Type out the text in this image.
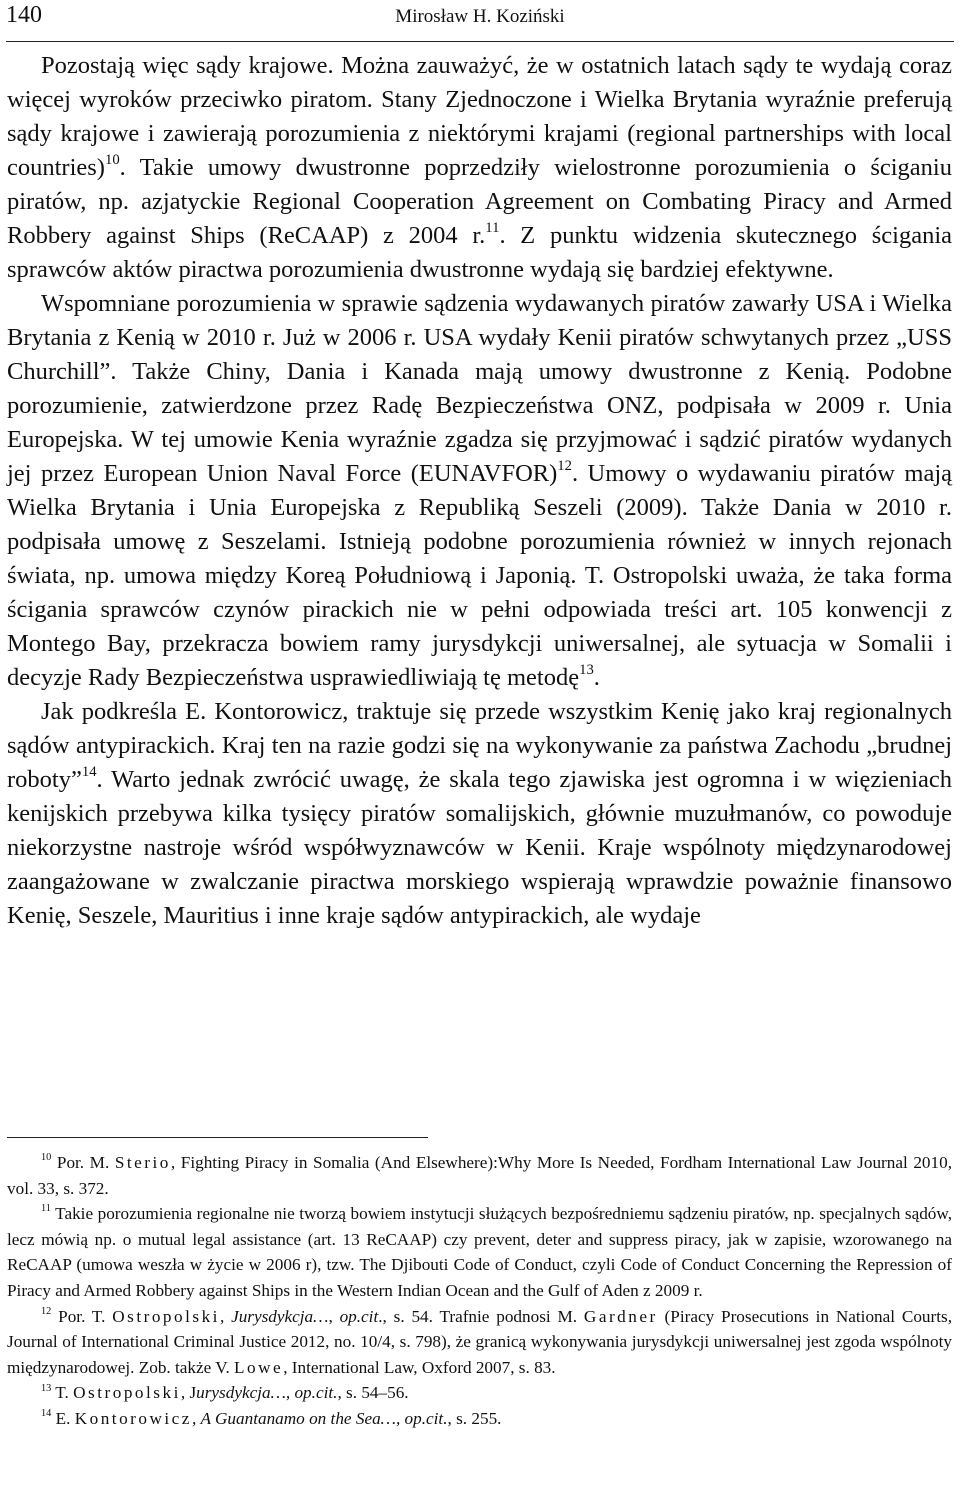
140	Mirosław H. Koziński

Pozostają więc sądy krajowe. Można zauważyć, że w ostatnich latach sądy te wydają coraz więcej wyroków przeciwko piratom. Stany Zjednoczone i Wielka Brytania wyraźnie preferują sądy krajowe i zawierają porozumienia z niektórymi krajami (regional partnerships with local countries)$^{10}$. Takie umowy dwustronne poprzedziły wielostronne porozumienia o ściganiu piratów, np. azjatyckie Regional Cooperation Agreement on Combating Piracy and Armed Robbery against Ships (ReCAAP) z 2004 r.$^{11}$. Z punktu widzenia skutecznego ścigania sprawców aktów piractwa porozumienia dwustronne wydają się bardziej efektywne.

Wspomniane porozumienia w sprawie sądzenia wydawanych piratów zawarły USA i Wielka Brytania z Kenią w 2010 r. Już w 2006 r. USA wydały Kenii piratów schwytanych przez „USS Churchill”. Także Chiny, Dania i Kanada mają umowy dwustronne z Kenią. Podobne porozumienie, zatwierdzone przez Radę Bezpieczeństwa ONZ, podpisała w 2009 r. Unia Europejska. W tej umowie Kenia wyraźnie zgadza się przyjmować i sądzić piratów wydanych jej przez European Union Naval Force (EUNAVFOR)$^{12}$. Umowy o wydawaniu piratów mają Wielka Brytania i Unia Europejska z Republiką Seszeli (2009). Także Dania w 2010 r. podpisała umowę z Seszelami. Istnieją podobne porozumienia również w innych rejonach świata, np. umowa między Koreą Południową i Japonią. T. Ostropolski uważa, że taka forma ścigania sprawców czynów pirackich nie w pełni odpowiada treści art. 105 konwencji z Montego Bay, przekracza bowiem ramy jurysdykcji uniwersalnej, ale sytuacja w Somalii i decyzje Rady Bezpieczeństwa usprawiedliwiają tę metodę$^{13}$.

Jak podkreśla E. Kontorowicz, traktuje się przede wszystkim Kenię jako kraj regionalnych sądów antypirackich. Kraj ten na razie godzi się na wykonywanie za państwa Zachodu „brudnej roboty”$^{14}$. Warto jednak zwrócić uwagę, że skala tego zjawiska jest ogromna i w więzieniach kenijskich przebywa kilka tysięcy piratów somalijskich, głównie muzułmanów, co powoduje niekorzystne nastroje wśród współwyznawców w Kenii. Kraje wspólnoty międzynarodowej zaangażowane w zwalczanie piractwa morskiego wspierają wprawdzie poważnie finansowo Kenię, Seszele, Mauritius i inne kraje sądów antypirackich, ale wydaje

$^{10}$ Por. M. Sterio, Fighting Piracy in Somalia (And Elsewhere):Why More Is Needed, Fordham International Law Journal 2010, vol. 33, s. 372.

$^{11}$ Takie porozumienia regionalne nie tworzą bowiem instytucji służących bezpośredniemu sądzeniu piratów, np. specjalnych sądów, lecz mówią np. o mutual legal assistance (art. 13 ReCAAP) czy prevent, deter and suppress piracy, jak w zapisie, wzorowanego na ReCAAP (umowa weszła w życie w 2006 r), tzw. The Djibouti Code of Conduct, czyli Code of Conduct Concerning the Repression of Piracy and Armed Robbery against Ships in the Western Indian Ocean and the Gulf of Aden z 2009 r.

$^{12}$ Por. T. Ostropolski, Jurysdykcja…, op.cit., s. 54. Trafnie podnosi M. Gardner (Piracy Prosecutions in National Courts, Journal of International Criminal Justice 2012, no. 10/4, s. 798), że granicą wykonywania jurysdykcji uniwersalnej jest zgoda wspólnoty międzynarodowej. Zob. także V. Lowe, International Law, Oxford 2007, s. 83.

$^{13}$ T. Ostropolski, Jurysdykcja…, op.cit., s. 54–56.

$^{14}$ E. Kontorowicz, A Guantanamo on the Sea…, op.cit., s. 255.
